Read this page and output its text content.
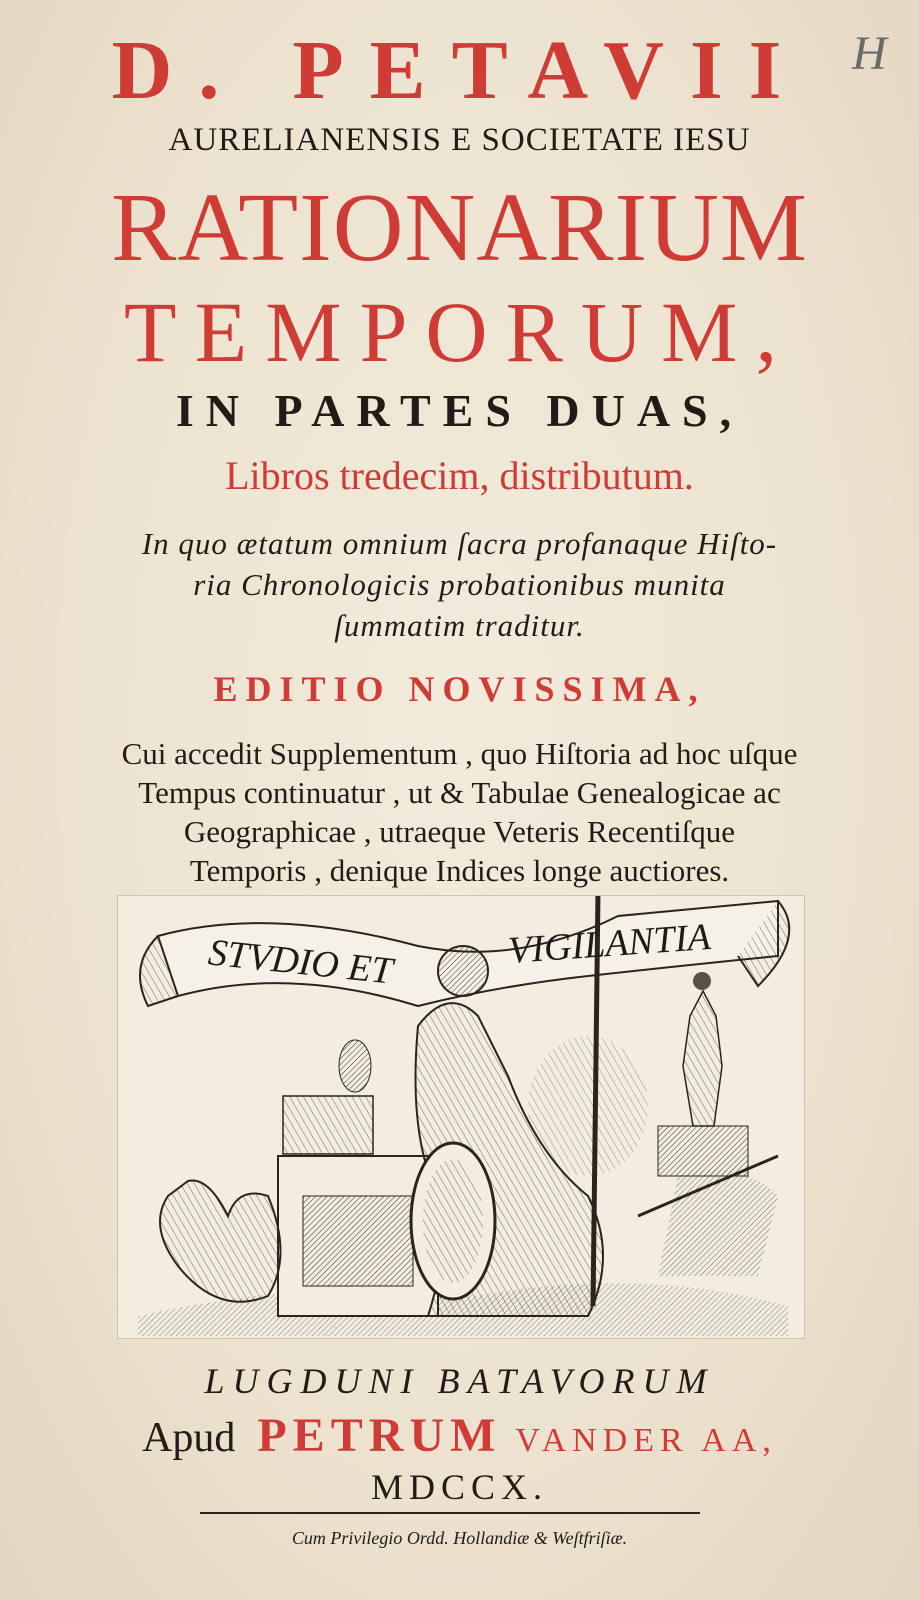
H
D. PETAVII
AURELIANENSIS E SOCIETATE IESU
RATIONARIUM
TEMPORUM,
IN PARTES DUAS,
Libros tredecim, distributum.
In quo ætatum omnium ſacra profanaque Hiſto-
ria Chronologicis probationibus munita
ſummatim traditur.
EDITIO NOVISSIMA,
Cui accedit Supplementum , quo Hiſtoria ad hoc uſque
Tempus continuatur , ut & Tabulae Genealogicae ac
Geographicae , utraeque Veteris Recentiſque
Temporis , denique Indices longe auctiores.
STVDIO ET	VIGILANTIA
LUGDUNI BATAVORUM
Apud PETRUM VANDER AA,
MDCCX.
Cum Privilegio Ordd. Hollandiæ & Weſtfriſiæ.
